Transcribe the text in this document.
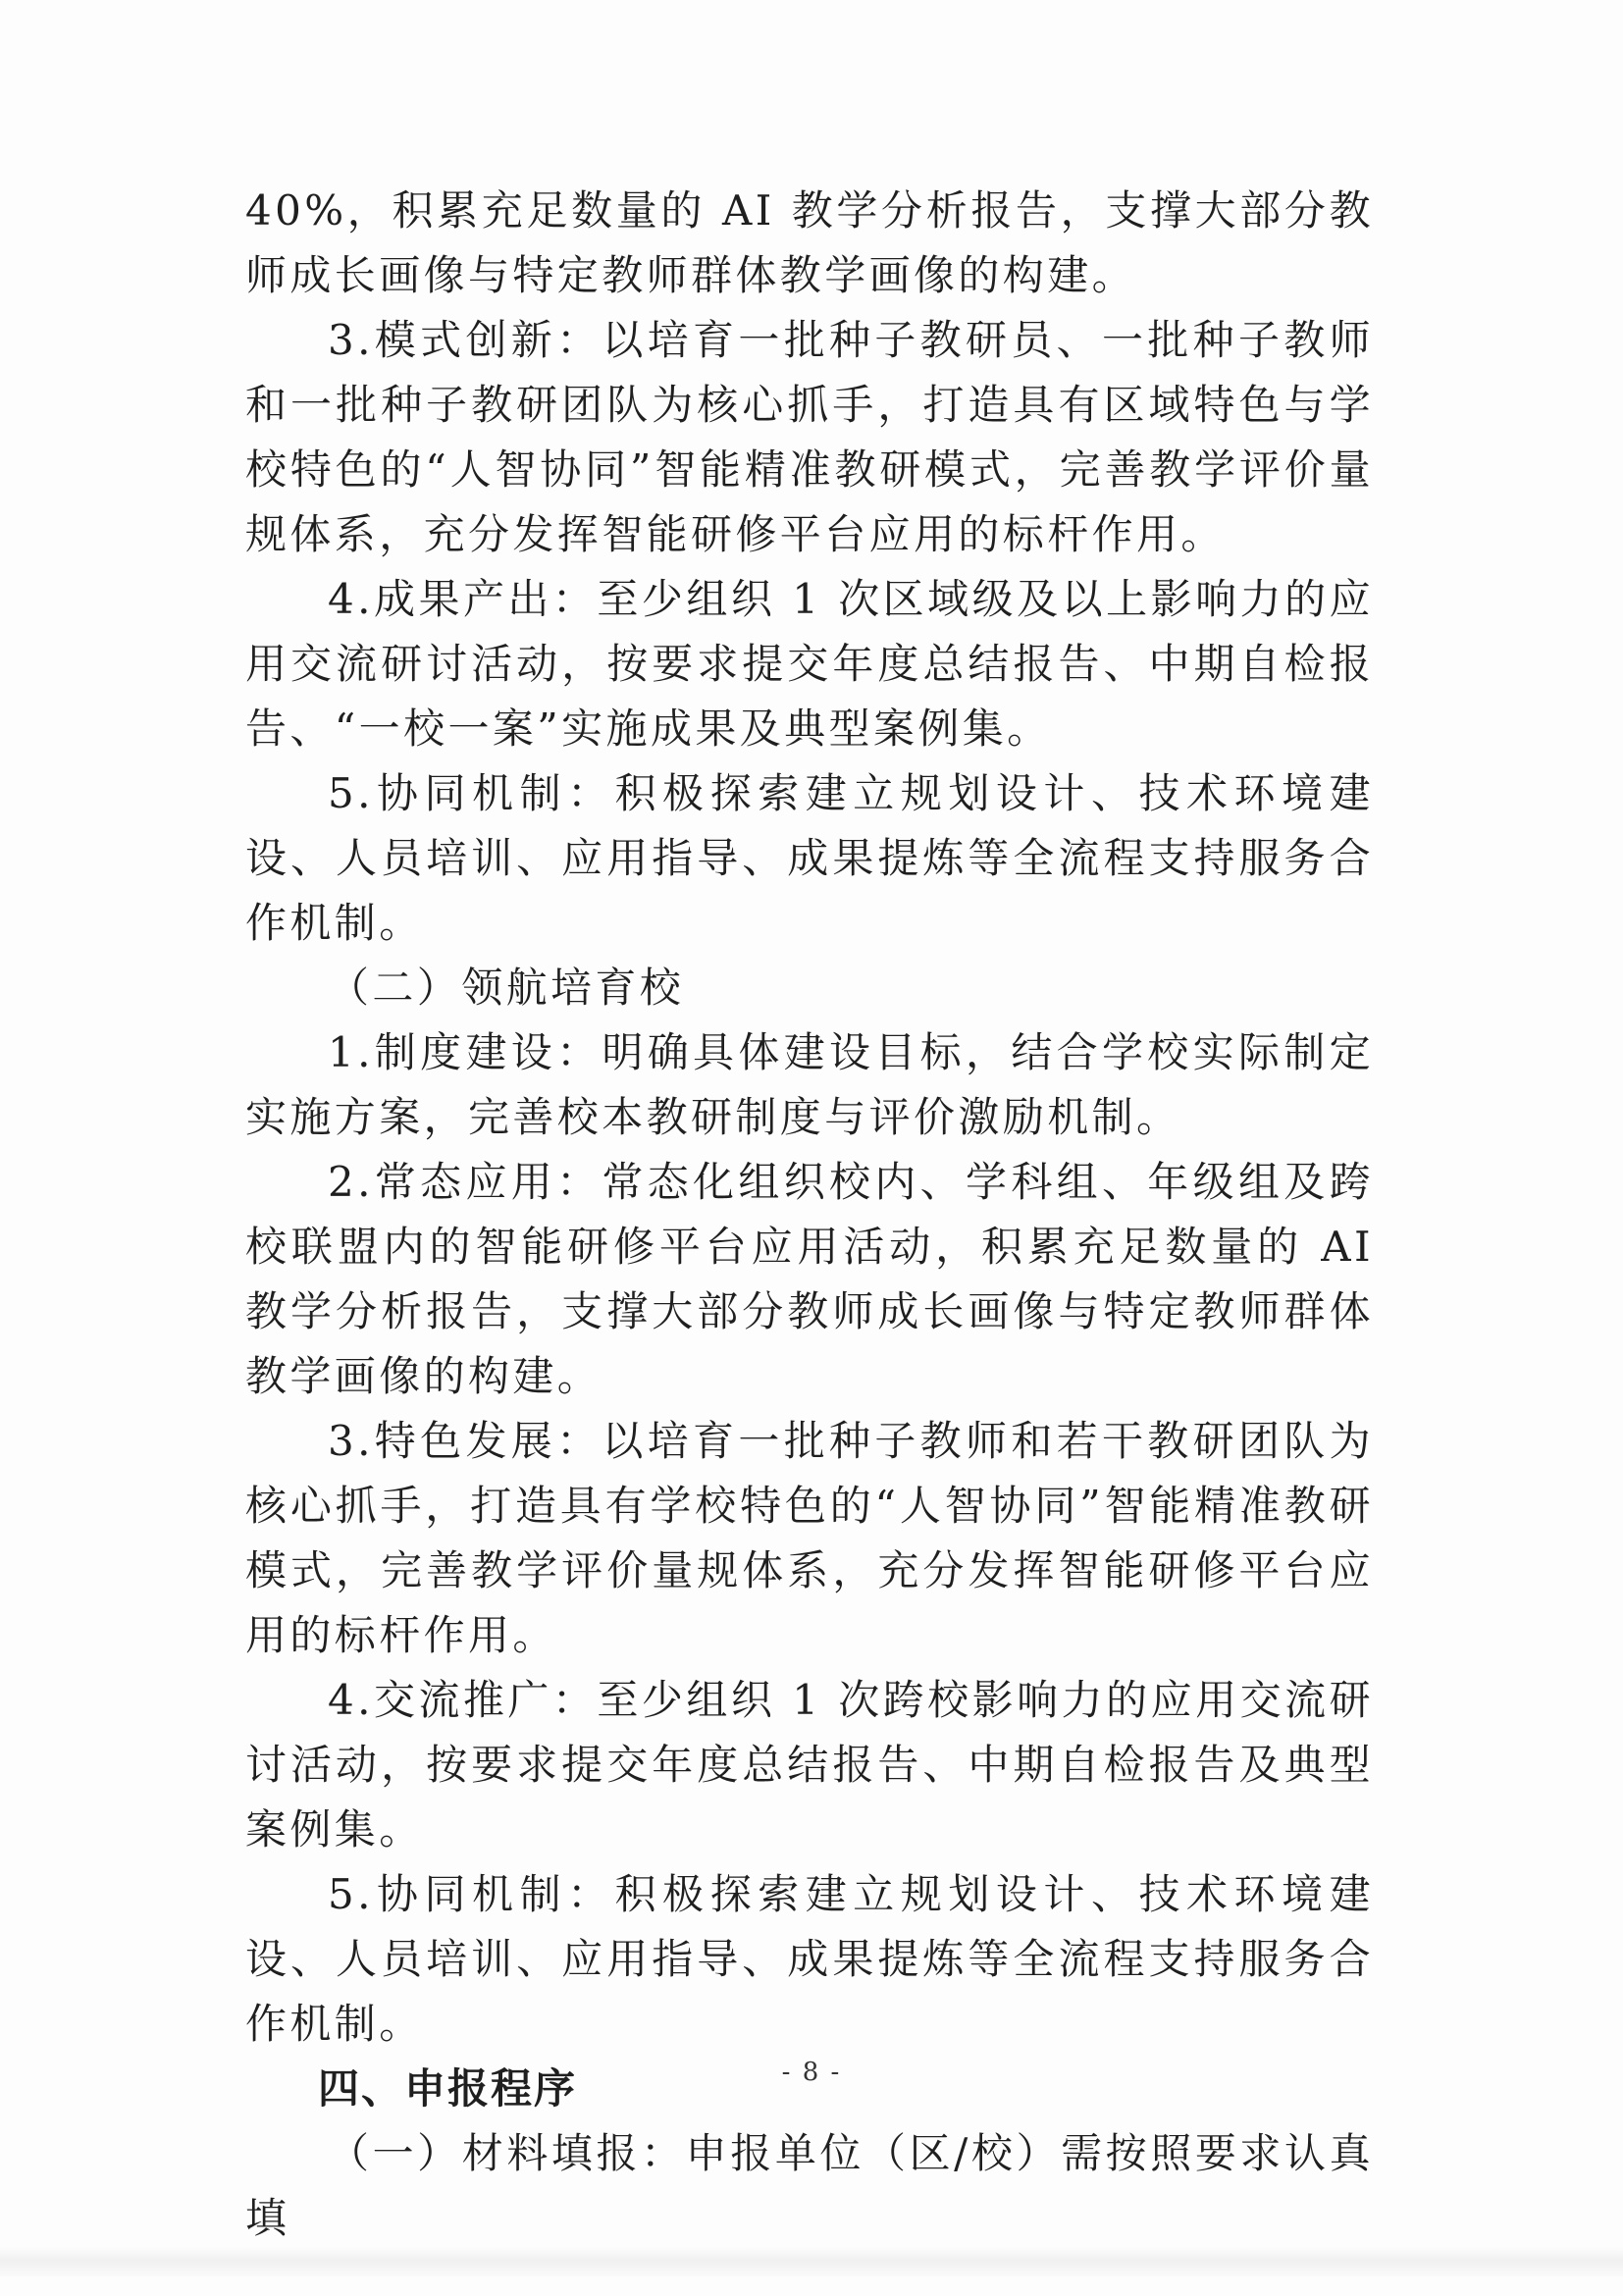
40%，积累充足数量的 AI 教学分析报告，支撑大部分教师成长画像与特定教师群体教学画像的构建。

3.模式创新：以培育一批种子教研员、一批种子教师和一批种子教研团队为核心抓手，打造具有区域特色与学校特色的“人智协同”智能精准教研模式，完善教学评价量规体系，充分发挥智能研修平台应用的标杆作用。

4.成果产出：至少组织 1 次区域级及以上影响力的应用交流研讨活动，按要求提交年度总结报告、中期自检报告、“一校一案”实施成果及典型案例集。

5.协同机制：积极探索建立规划设计、技术环境建设、人员培训、应用指导、成果提炼等全流程支持服务合作机制。

（二）领航培育校

1.制度建设：明确具体建设目标，结合学校实际制定实施方案，完善校本教研制度与评价激励机制。

2.常态应用：常态化组织校内、学科组、年级组及跨校联盟内的智能研修平台应用活动，积累充足数量的 AI 教学分析报告，支撑大部分教师成长画像与特定教师群体教学画像的构建。

3.特色发展：以培育一批种子教师和若干教研团队为核心抓手，打造具有学校特色的“人智协同”智能精准教研模式，完善教学评价量规体系，充分发挥智能研修平台应用的标杆作用。

4.交流推广：至少组织 1 次跨校影响力的应用交流研讨活动，按要求提交年度总结报告、中期自检报告及典型案例集。

5.协同机制：积极探索建立规划设计、技术环境建设、人员培训、应用指导、成果提炼等全流程支持服务合作机制。

四、申报程序

（一）材料填报：申报单位（区/校）需按照要求认真填

- 8 -
